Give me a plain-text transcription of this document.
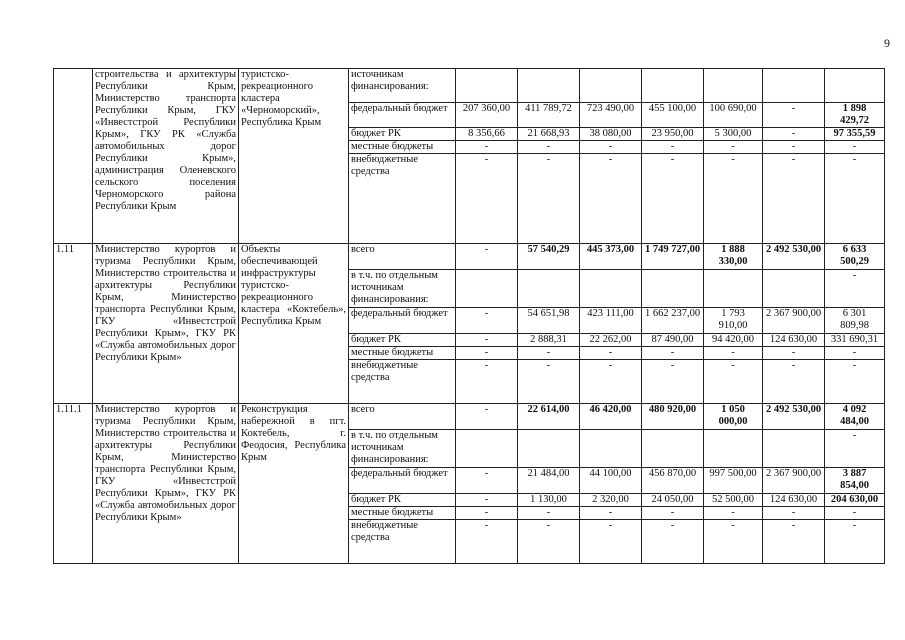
9
	строительства и архитектуры Республики Крым, Министерство транспорта Республики Крым, ГКУ «Инвестстрой Республики Крым», ГКУ РК «Служба автомобильных дорог Республики Крым», администрация Оленевского сельского поселения Черноморского района Республики Крым	туристско-рекреационного кластера «Черноморский», Республика Крым	источникам финансирования:							
			федеральный бюджет	207 360,00	411 789,72	723 490,00	455 100,00	100 690,00	-	1 898 429,72
			бюджет РК	8 356,66	21 668,93	38 080,00	23 950,00	5 300,00	-	97 355,59
			местные бюджеты	-	-	-	-	-	-	-
			внебюджетные средства	-	-	-	-	-	-	-
1.11	Министерство курортов и туризма Республики Крым, Министерство строительства и архитектуры Республики Крым, Министерство транспорта Республики Крым, ГКУ «Инвестстрой Республики Крым», ГКУ РК «Служба автомобильных дорог Республики Крым»	Объекты обеспечивающей инфраструктуры туристско-рекреационного кластера «Коктебель», Республика Крым	всего	-	57 540,29	445 373,00	1 749 727,00	1 888 330,00	2 492 530,00	6 633 500,29
			в т.ч. по отдельным источникам финансирования:							-
			федеральный бюджет	-	54 651,98	423 111,00	1 662 237,00	1 793 910,00	2 367 900,00	6 301 809,98
			бюджет РК	-	2 888,31	22 262,00	87 490,00	94 420,00	124 630,00	331 690,31
			местные бюджеты	-	-	-	-	-	-	-
			внебюджетные средства	-	-	-	-	-	-	-
1.11.1	Министерство курортов и туризма Республики Крым, Министерство строительства и архитектуры Республики Крым, Министерство транспорта Республики Крым, ГКУ «Инвестстрой Республики Крым», ГКУ РК «Служба автомобильных дорог Республики Крым»	Реконструкция набережной в пгт. Коктебель, г. Феодосия, Республика Крым	всего	-	22 614,00	46 420,00	480 920,00	1 050 000,00	2 492 530,00	4 092 484,00
			в т.ч. по отдельным источникам финансирования:							-
			федеральный бюджет	-	21 484,00	44 100,00	456 870,00	997 500,00	2 367 900,00	3 887 854,00
			бюджет РК	-	1 130,00	2 320,00	24 050,00	52 500,00	124 630,00	204 630,00
			местные бюджеты	-	-	-	-	-	-	-
			внебюджетные средства	-	-	-	-	-	-	-
